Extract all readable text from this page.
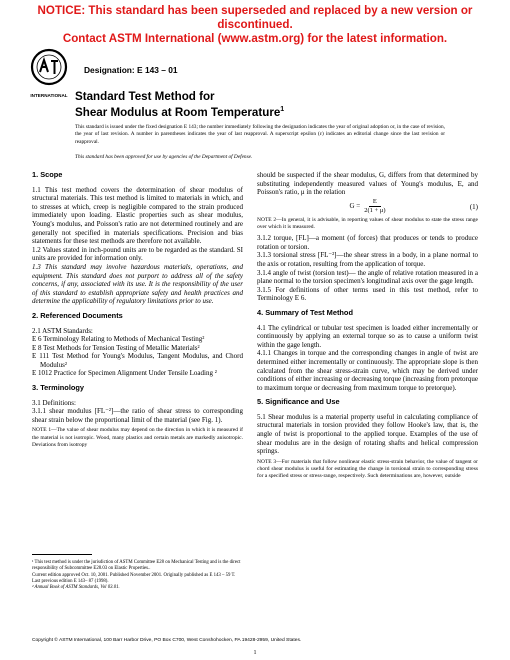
NOTICE: This standard has been superseded and replaced by a new version or discontinued.
Contact ASTM International (www.astm.org) for the latest information.
INTERNATIONAL
Designation: E 143 – 01
Standard Test Method for
Shear Modulus at Room Temperature$^1$

This standard is issued under the fixed designation E 143; the number immediately following the designation indicates the year of original adoption or, in the case of revision, the year of last revision. A number in parentheses indicates the year of last reapproval. A superscript epsilon (ε) indicates an editorial change since the last revision or reapproval.

This standard has been approved for use by agencies of the Department of Defense.

1. Scope

1.1 This test method covers the determination of shear modulus of structural materials. This test method is limited to materials in which, and to stresses at which, creep is negligible compared to the strain produced immediately upon loading. Elastic properties such as shear modulus, Young's modulus, and Poisson's ratio are not determined routinely and are generally not specified in materials specifications. Precision and bias statements for these test methods are therefore not available.

1.2 Values stated in inch-pound units are to be regarded as the standard. SI units are provided for information only.

1.3 This standard may involve hazardous materials, operations, and equipment. This standard does not purport to address all of the safety concerns, if any, associated with its use. It is the responsibility of the user of this standard to establish appropriate safety and health practices and determine the applicability of regulatory limitations prior to use.

2. Referenced Documents

2.1 ASTM Standards:

E 6 Terminology Relating to Methods of Mechanical Testing²

E 8 Test Methods for Tension Testing of Metallic Materials²

E 111 Test Method for Young's Modulus, Tangent Modulus, and Chord Modulus²

E 1012 Practice for Specimen Alignment Under Tensile Loading ²

3. Terminology

3.1 Definitions:

3.1.1 shear modulus [FL⁻²]—the ratio of shear stress to corresponding shear strain below the proportional limit of the material (see Fig. 1).

NOTE 1—The value of shear modulus may depend on the direction in which it is measured if the material is not isotropic. Wood, many plastics and certain metals are markedly anisotropic. Deviations from isotropy

should be suspected if the shear modulus, G, differs from that determined by substituting independently measured values of Young's modulus, E, and Poisson's ratio, μ in the relation

$G = \frac{E}{2(1 + \mu)}$	(1)

NOTE 2—In general, it is advisable, in reporting values of shear modulus to state the stress range over which it is measured.

3.1.2 torque, [FL]—a moment (of forces) that produces or tends to produce rotation or torsion.

3.1.3 torsional stress [FL⁻²]—the shear stress in a body, in a plane normal to the axis or rotation, resulting from the application of torque.

3.1.4 angle of twist (torsion test)— the angle of relative rotation measured in a plane normal to the torsion specimen's longitudinal axis over the gage length.

3.1.5 For definitions of other terms used in this test method, refer to Terminology E 6.

4. Summary of Test Method

4.1 The cylindrical or tubular test specimen is loaded either incrementally or continuously by applying an external torque so as to cause a uniform twist within the gage length.

4.1.1 Changes in torque and the corresponding changes in angle of twist are determined either incrementally or continuously. The appropriate slope is then calculated from the shear stress-strain curve, which may be derived under conditions of either increasing or decreasing torque (increasing from pretorque to maximum torque or decreasing from maximum torque to pretorque).

5. Significance and Use

5.1 Shear modulus is a material property useful in calculating compliance of structural materials in torsion provided they follow Hooke's law, that is, the angle of twist is proportional to the applied torque. Examples of the use of shear modulus are in the design of rotating shafts and helical compression springs.

NOTE 3—For materials that follow nonlinear elastic stress-strain behavior, the value of tangent or chord shear modulus is useful for estimating the change in torsional strain to corresponding stress for a specified stress or stress-range, respectively. Such determinations are, however, outside

¹ This test method is under the jurisdiction of ASTM Committee E28 on Mechanical Testing and is the direct responsibility of Subcommittee E28.03 on Elastic Properties..

Current edition approved Oct. 10, 2001. Published November 2001. Originally published as E 143 – 59 T. Last previous edition E 143– 87 (1998).

² Annual Book of ASTM Standards, Vol 03.01.

Copyright © ASTM International, 100 Barr Harbor Drive, PO Box C700, West Conshohocken, PA 19428-2959, United States.
1
